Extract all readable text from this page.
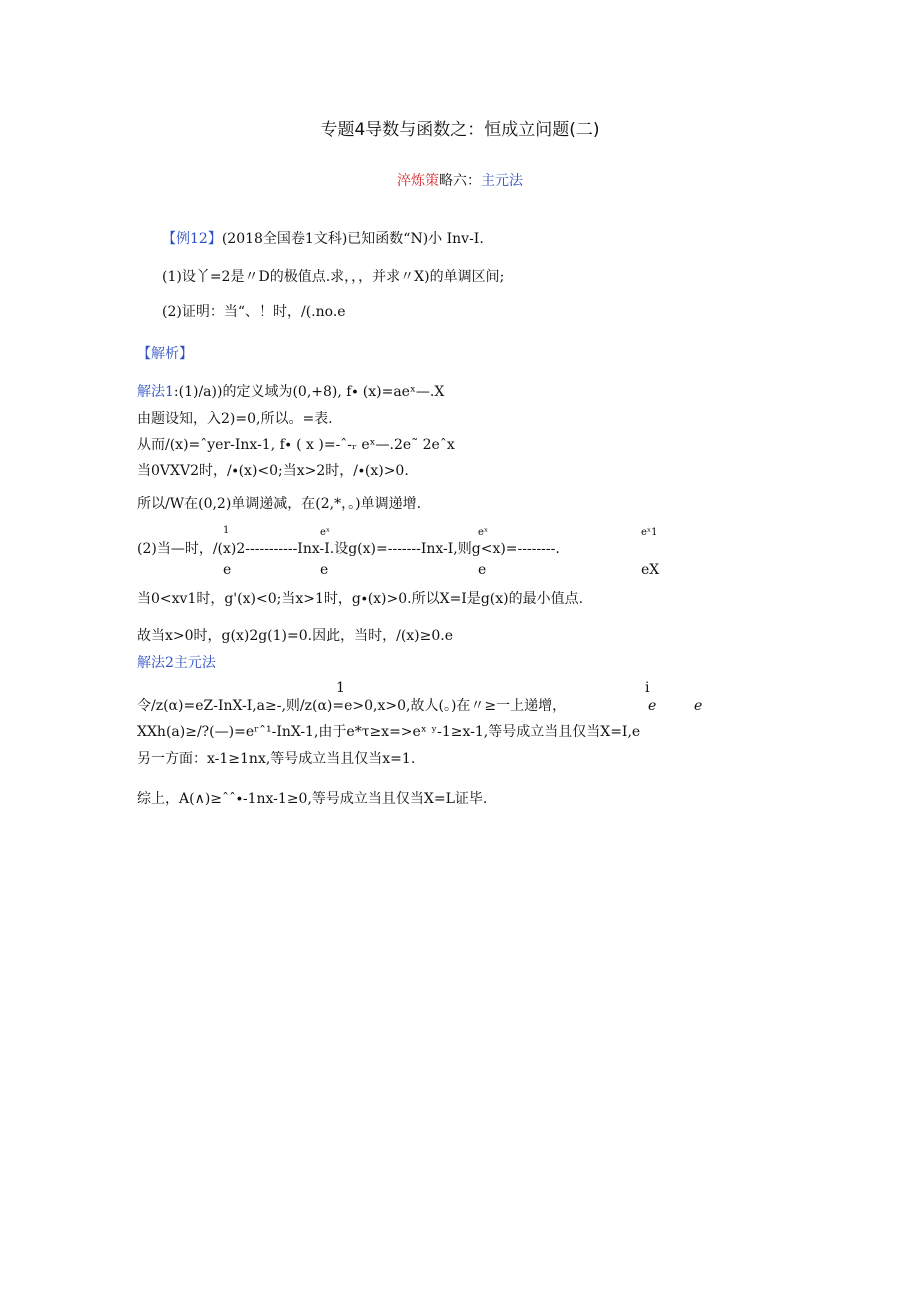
专题4导数与函数之：恒成立问题(二)
淬炼策略六：主元法
【例12】(2018全国卷1文科)已知函数“N)小 Inv-I.
(1)设丫=2是〃D的极值点.求，，，并求〃X)的单调区间;
(2)证明：当“、！时，/(.no.e
【解析】
解法1:(1)/a))的定义域为(0,+8), f∙ (x)=aeˣ—.X
由题设知，入2)=0,所以。=表.
从而/(x)=ˆyer-Inx-1, f∙ ( x )=-ˆ-ᵣ eˣ—.2e˜ 2eˆx
当0VXV2时，/∙(x)<0;当x>2时，/∙(x)>0.
所以/W在(0,2)单调递减，在(2,*，。)单调递增.
1	eˣ	eˣ	eˣ1
(2)当—时，/(x)2-----------Inx-I.设g(x)=-------Inx-I,则g<x)=--------.
e	e	e	eX
当0<xv1时，g'(x)<0;当x>1时，g∙(x)>0.所以X=I是g(x)的最小值点.
故当x>0时，g(x)2g(1)=0.因此，当时，/(x)≥0.e
解法2主元法
1	i
令/z(α)=eZ-InX-I,a≥-,则/z(α)=e>0,x>0,故人(。)在〃≥一上递增，	e	e
XXh(a)≥/?(—)=eʳˆ¹-InX-1,由于e*τ≥x=>eˣ ʸ-1≥x-1,等号成立当且仅当X=I,e
另一方面：x-1≥1nx,等号成立当且仅当x=1.
综上，A(∧)≥ˆˆ∙-1nx-1≥0,等号成立当且仅当X=L证毕.
